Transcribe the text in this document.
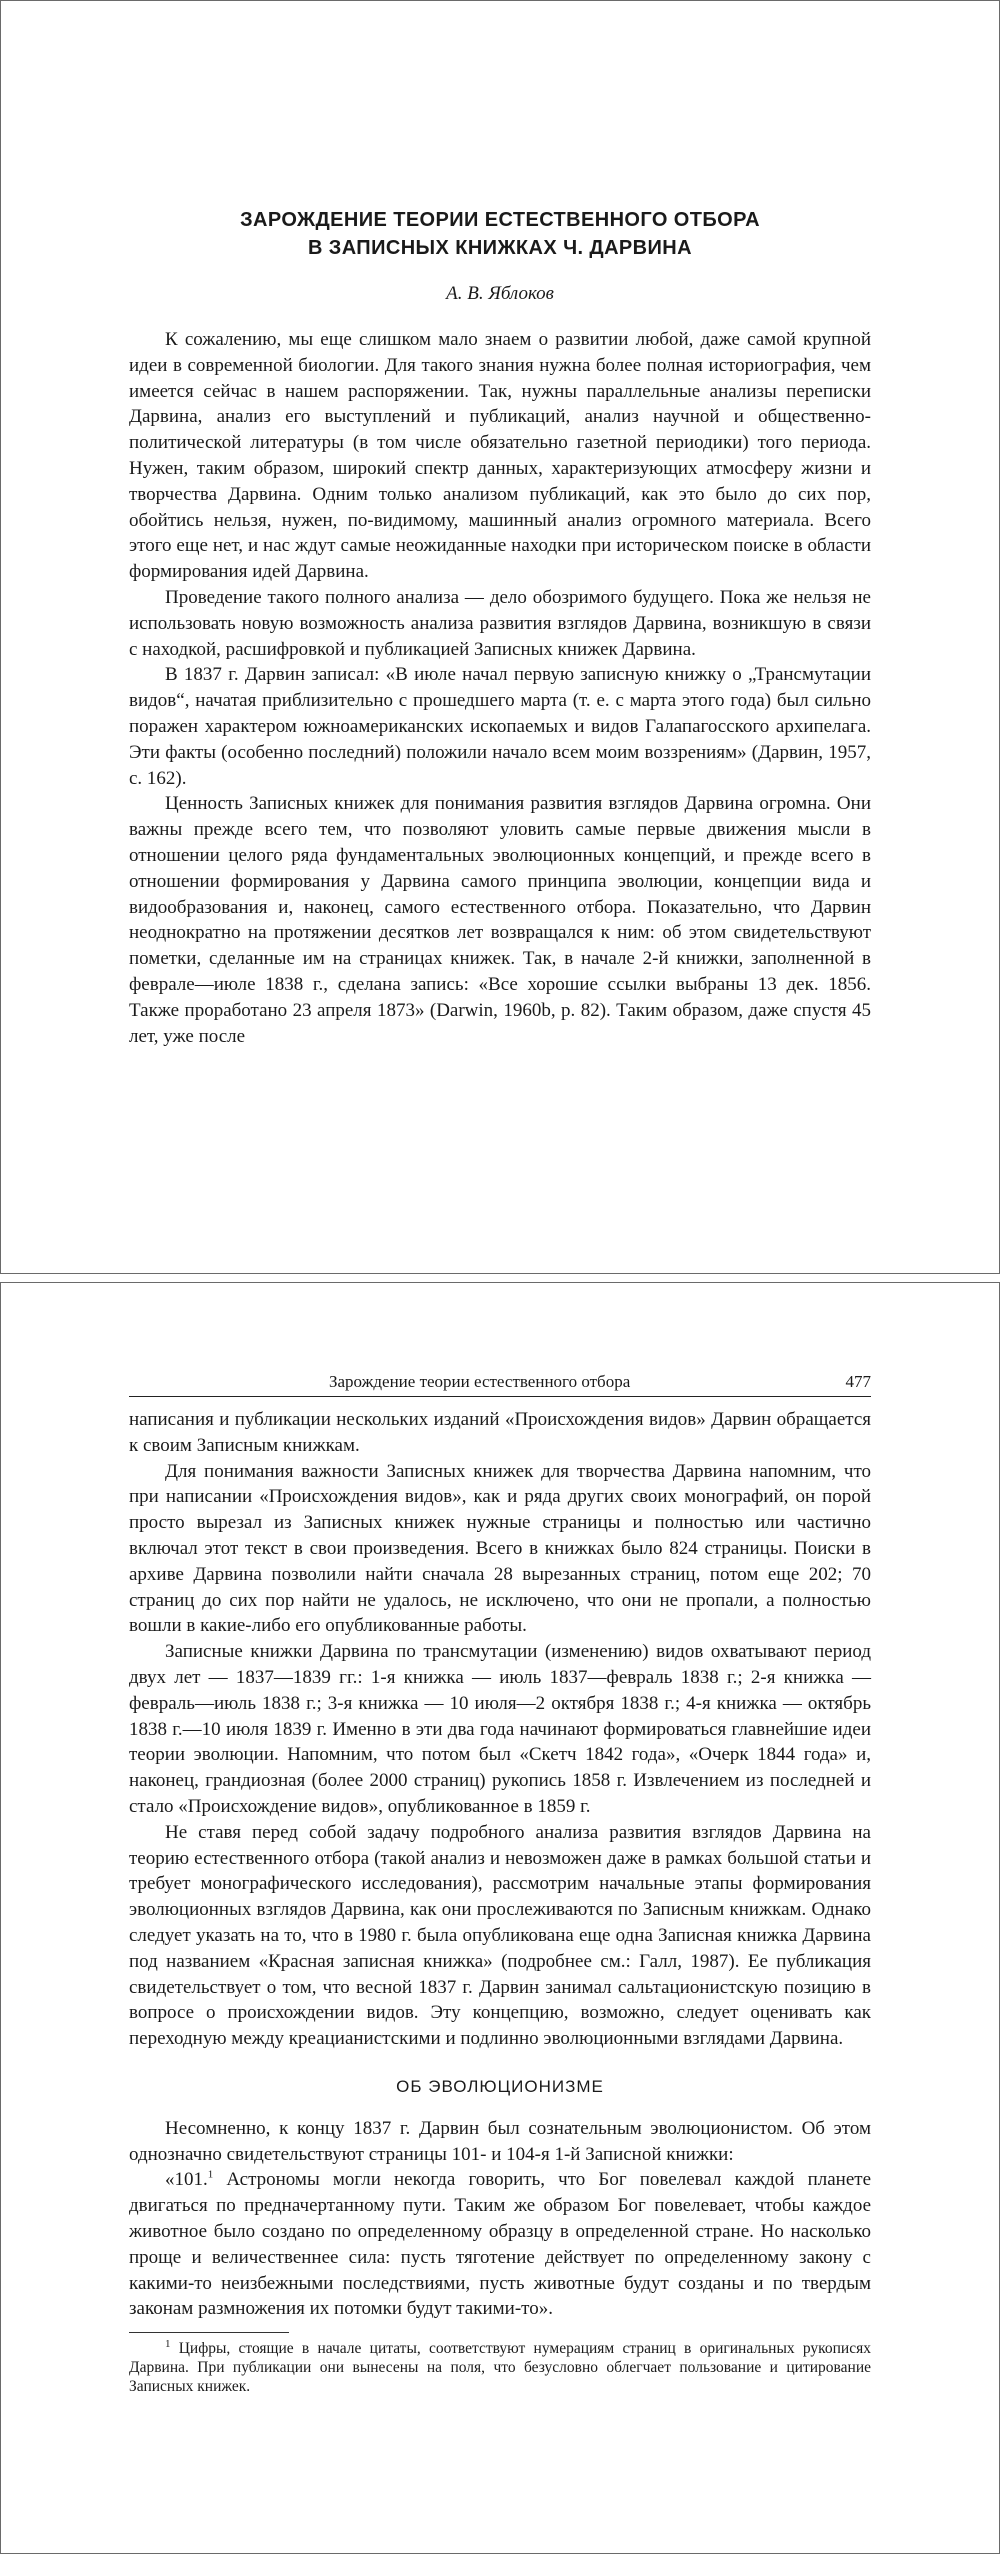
ЗАРОЖДЕНИЕ ТЕОРИИ ЕСТЕСТВЕННОГО ОТБОРА
В ЗАПИСНЫХ КНИЖКАХ Ч. ДАРВИНА
А. В. Яблоков

К сожалению, мы еще слишком мало знаем о развитии любой, даже самой крупной идеи в современной биологии. Для такого знания нужна более полная историография, чем имеется сейчас в нашем распоряжении. Так, нужны параллельные анализы переписки Дарвина, анализ его выступлений и публикаций, анализ научной и общественно-политической литературы (в том числе обязательно газетной периодики) того периода. Нужен, таким образом, широкий спектр данных, характеризующих атмосферу жизни и творчества Дарвина. Одним только анализом публикаций, как это было до сих пор, обойтись нельзя, нужен, по-видимому, машинный анализ огромного материала. Всего этого еще нет, и нас ждут самые неожиданные находки при историческом поиске в области формирования идей Дарвина.

Проведение такого полного анализа — дело обозримого будущего. Пока же нельзя не использовать новую возможность анализа развития взглядов Дарвина, возникшую в связи с находкой, расшифровкой и публикацией Записных книжек Дарвина.

В 1837 г. Дарвин записал: «В июле начал первую записную книжку о „Трансмутации видов“, начатая приблизительно с прошедшего марта (т. е. с марта этого года) был сильно поражен характером южноамериканских ископаемых и видов Галапагосского архипелага. Эти факты (особенно последний) положили начало всем моим воззрениям» (Дарвин, 1957, с. 162).

Ценность Записных книжек для понимания развития взглядов Дарвина огромна. Они важны прежде всего тем, что позволяют уловить самые первые движения мысли в отношении целого ряда фундаментальных эволюционных концепций, и прежде всего в отношении формирования у Дарвина самого принципа эволюции, концепции вида и видообразования и, наконец, самого естественного отбора. Показательно, что Дарвин неоднократно на протяжении десятков лет возвращался к ним: об этом свидетельствуют пометки, сделанные им на страницах книжек. Так, в начале 2-й книжки, заполненной в феврале—июле 1838 г., сделана запись: «Все хорошие ссылки выбраны 13 дек. 1856. Также проработано 23 апреля 1873» (Darwin, 1960b, p. 82). Таким образом, даже спустя 45 лет, уже после

Зарождение теории естественного отбора	477

написания и публикации нескольких изданий «Происхождения видов» Дарвин обращается к своим Записным книжкам.

Для понимания важности Записных книжек для творчества Дарвина напомним, что при написании «Происхождения видов», как и ряда других своих монографий, он порой просто вырезал из Записных книжек нужные страницы и полностью или частично включал этот текст в свои произведения. Всего в книжках было 824 страницы. Поиски в архиве Дарвина позволили найти сначала 28 вырезанных страниц, потом еще 202; 70 страниц до сих пор найти не удалось, не исключено, что они не пропали, а полностью вошли в какие-либо его опубликованные работы.

Записные книжки Дарвина по трансмутации (изменению) видов охватывают период двух лет — 1837—1839 гг.: 1-я книжка — июль 1837—февраль 1838 г.; 2-я книжка — февраль—июль 1838 г.; 3-я книжка — 10 июля—2 октября 1838 г.; 4-я книжка — октябрь 1838 г.—10 июля 1839 г. Именно в эти два года начинают формироваться главнейшие идеи теории эволюции. Напомним, что потом был «Скетч 1842 года», «Очерк 1844 года» и, наконец, грандиозная (более 2000 страниц) рукопись 1858 г. Извлечением из последней и стало «Происхождение видов», опубликованное в 1859 г.

Не ставя перед собой задачу подробного анализа развития взглядов Дарвина на теорию естественного отбора (такой анализ и невозможен даже в рамках большой статьи и требует монографического исследования), рассмотрим начальные этапы формирования эволюционных взглядов Дарвина, как они прослеживаются по Записным книжкам. Однако следует указать на то, что в 1980 г. была опубликована еще одна Записная книжка Дарвина под названием «Красная записная книжка» (подробнее см.: Галл, 1987). Ее публикация свидетельствует о том, что весной 1837 г. Дарвин занимал сальтационистскую позицию в вопросе о происхождении видов. Эту концепцию, возможно, следует оценивать как переходную между креацианистскими и подлинно эволюционными взглядами Дарвина.

ОБ ЭВОЛЮЦИОНИЗМЕ

Несомненно, к концу 1837 г. Дарвин был сознательным эволюционистом. Об этом однозначно свидетельствуют страницы 101- и 104-я 1-й Записной книжки:

«101.$^1$ Астрономы могли некогда говорить, что Бог повелевал каждой планете двигаться по предначертанному пути. Таким же образом Бог повелевает, чтобы каждое животное было создано по определенному образцу в определенной стране. Но насколько проще и величественнее сила: пусть тяготение действует по определенному закону с какими-то неизбежными последствиями, пусть животные будут созданы и по твердым законам размножения их потомки будут такими-то».

$^1$ Цифры, стоящие в начале цитаты, соответствуют нумерациям страниц в оригинальных рукописях Дарвина. При публикации они вынесены на поля, что безусловно облегчает пользование и цитирование Записных книжек.
